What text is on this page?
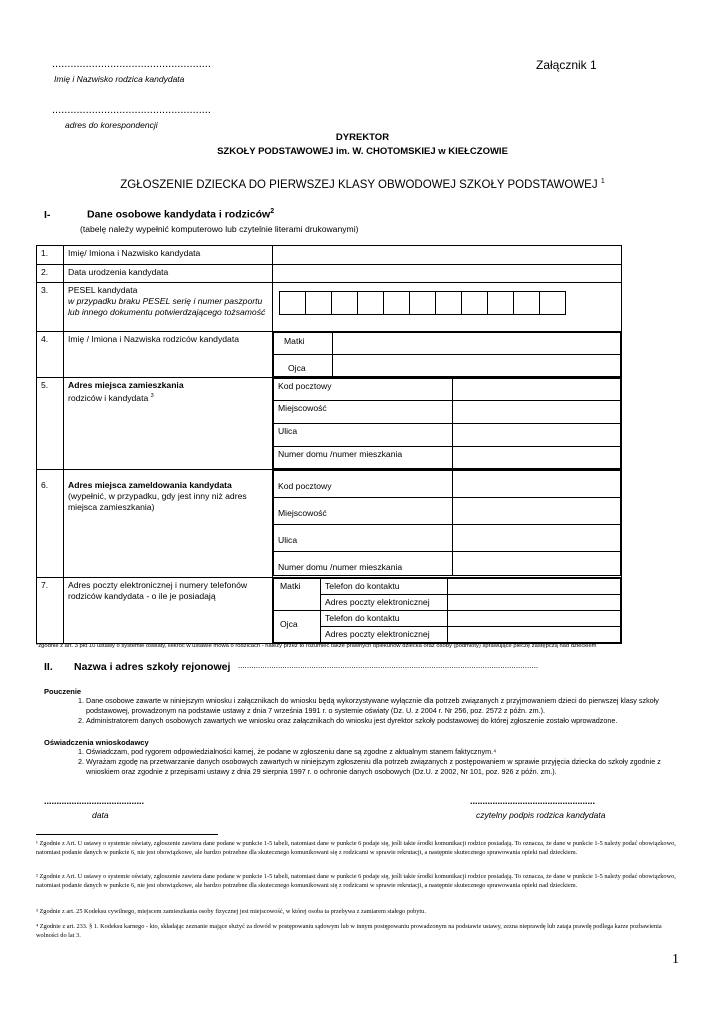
....................................................
Imię i Nazwisko rodzica kandydata
Załącznik 1
....................................................
adres do korespondencji
DYREKTOR
SZKOŁY PODSTAWOWEJ im. W. CHOTOMSKIEJ w KIEŁCZOWIE
ZGŁOSZENIE DZIECKA DO PIERWSZEJ KLASY OBWODOWEJ SZKOŁY PODSTAWOWEJ $^1$
I-	Dane osobowe kandydata i rodziców$^2$
(tabelę należy wypełnić komputerowo lub czytelnie literami drukowanymi)
1.	Imię/ Imiona i Nazwisko kandydata	
2.	Data urodzenia kandydata	
3.	PESEL kandydata
w przypadku braku PESEL serię i numer paszportu lub innego dokumentu potwierdzającego tożsamość

4.	Imię / Imiona i Nazwiska rodziców kandydata		Matki	
Ojca	

5.	Adres miejsca zamieszkania
rodziców i kandydata $^3$

Kod pocztowy	
Miejscowość	
Ulica	
Numer domu /numer mieszkania	

6.	Adres miejsca zameldowania kandydata
(wypełnić, w przypadku, gdy jest inny niż adres miejsca zamieszkania)

Kod pocztowy	
Miejscowość	
Ulica	
Numer domu /numer mieszkania	

7.	Adres poczty elektronicznej i numery telefonów rodziców kandydata - o ile je posiadają	
Matki	Telefon do kontaktu	
Adres poczty elektronicznej	
Ojca	Telefon do kontaktu	
Adres poczty elektronicznej	
*zgodnie z art. 3 pkt 10 ustawy o systemie oświaty, ilekroć w ustawie mowa o rodzicach - należy przez to rozumieć także prawnych opiekunów dziecka oraz osoby (podmioty) sprawujące pieczę zastępczą nad dzieckiem
II. Nazwa i adres szkoły rejonowej .......................................................................................................................................
Pouczenie
1. Dane osobowe zawarte w niniejszym wniosku i załącznikach do wniosku będą wykorzystywane wyłącznie dla potrzeb związanych z przyjmowaniem dzieci do pierwszej klasy szkoły podstawowej, prowadzonym na podstawie ustawy z dnia 7 września 1991 r. o systemie oświaty (Dz. U. z 2004 r. Nr 256, poz. 2572 z późn. zm.).
2. Administratorem danych osobowych zawartych we wniosku oraz załącznikach do wniosku jest dyrektor szkoły podstawowej do której zgłoszenie zostało wprowadzone.
Oświadczenia wnioskodawcy
1. Oświadczam, pod rygorem odpowiedzialności karnej, że podane w zgłoszeniu dane są zgodne z aktualnym stanem faktycznym.⁴
2. Wyrażam zgodę na przetwarzanie danych osobowych zawartych w niniejszym zgłoszeniu dla potrzeb związanych z postępowaniem w sprawie przyjęcia dziecka do szkoły zgodnie z wnioskiem oraz zgodnie z przepisami ustawy z dnia 29 sierpnia 1997 r. o ochronie danych osobowych (Dz.U. z 2002, Nr 101, poz. 926 z późn. zm.).
........................................
data
..................................................
czytelny podpis rodzica kandydata
¹ Zgodnie z Art. U ustawy o systemie oświaty, zgłoszenie zawiera dane podane w punkcie 1-5 tabeli, natomiast dane w punkcie 6 podaje się, jeśli takie środki komunikacji rodzice posiadają. To oznacza, że dane w punkcie 1-5 należy podać obowiązkowo, natomiast podanie danych w punkcie 6, nie jest obowiązkowe, ale bardzo potrzebne dla skutecznego komunikowani się z rodzicami w sprawie rekrutacji, a następnie skutecznego sprawowania opieki nad dzieckiem.
² Zgodnie z Art. U ustawy o systemie oświaty, zgłoszenie zawiera dane podane w punkcie 1-5 tabeli, natomiast dane w punkcie 6 podaje się, jeśli takie środki komunikacji rodzice posiadają. To oznacza, że dane w punkcie 1-5 należy podać obowiązkowo, natomiast podanie danych w punkcie 6, nie jest obowiązkowe, ale bardzo potrzebne dla skutecznego komunikowani się z rodzicami w sprawie rekrutacji, a następnie skutecznego sprawowania opieki nad dzieckiem.
³ Zgodnie z art. 25 Kodeksu cywilnego, miejscem zamieszkania osoby fizycznej jest miejscowość, w której osoba ta przebywa z zamiarem stałego pobytu.
⁴ Zgodnie z art. 233. § 1. Kodeksu karnego - kto, składając zeznanie mające służyć za dowód w postępowaniu sądowym lub w innym postępowaniu prowadzonym na podstawie ustawy, zezna nieprawdę lub zataja prawdę podlega karze pozbawienia wolności do lat 3.
1
